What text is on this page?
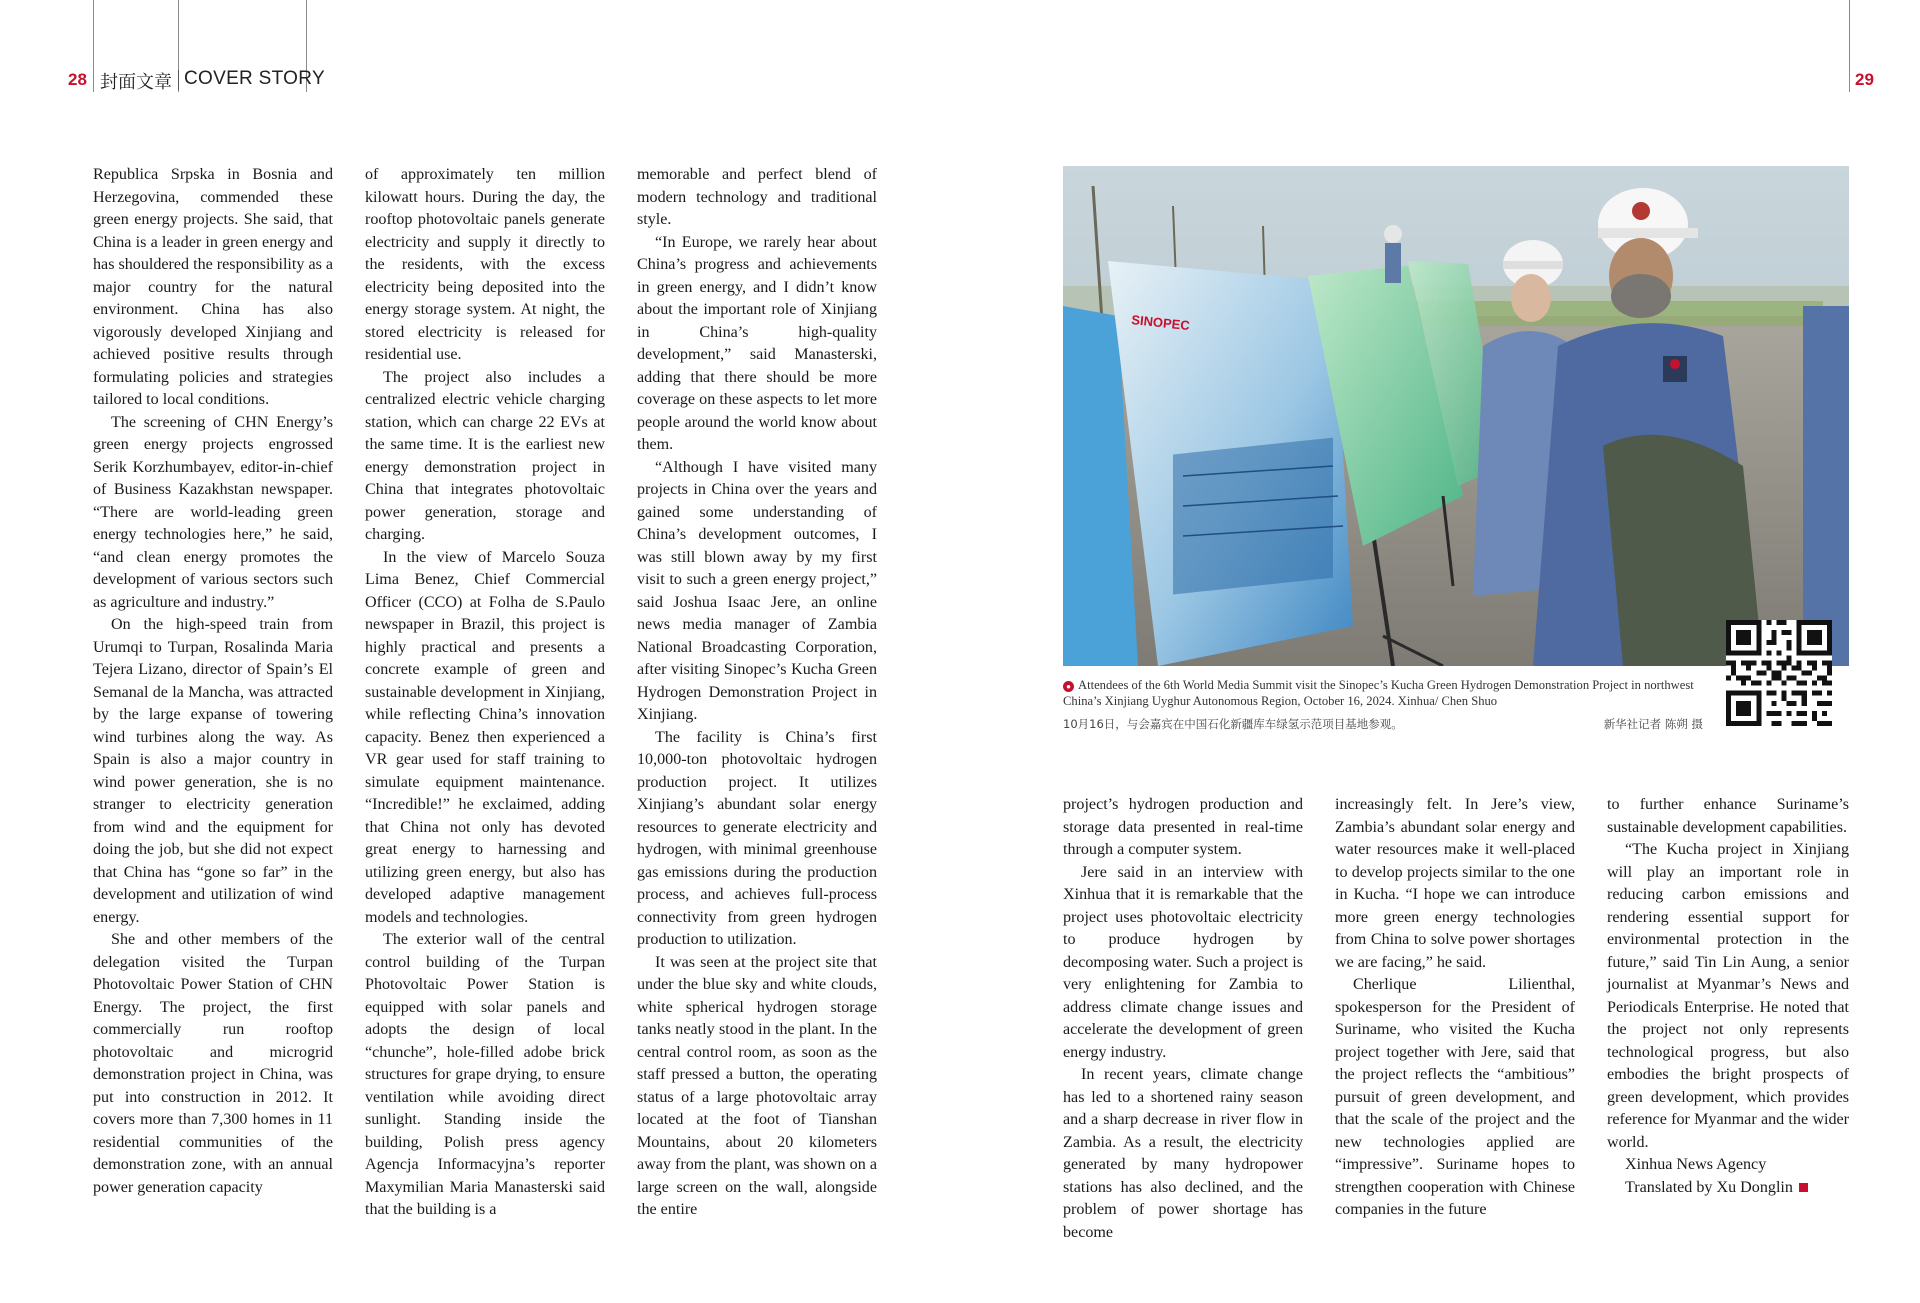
28 封面文章 COVER STORY	29

Republica Srpska in Bosnia and Herzegovina, commended these green energy projects. She said, that China is a leader in green energy and has shouldered the responsibility as a major country for the natural environment. China has also vigorously developed Xinjiang and achieved positive results through formulating policies and strategies tailored to local conditions.

The screening of CHN Energy’s green energy projects engrossed Serik Korzhumbayev, editor-in-chief of Business Kazakhstan newspaper. “There are world-leading green energy technologies here,” he said, “and clean energy promotes the development of various sectors such as agriculture and industry.”

On the high-speed train from Urumqi to Turpan, Rosalinda Maria Tejera Lizano, director of Spain’s El Semanal de la Mancha, was attracted by the large expanse of towering wind turbines along the way. As Spain is also a major country in wind power generation, she is no stranger to electricity generation from wind and the equipment for doing the job, but she did not expect that China has “gone so far” in the development and utilization of wind energy.

She and other members of the delegation visited the Turpan Photovoltaic Power Station of CHN Energy. The project, the first commercially run rooftop photovoltaic and microgrid demonstration project in China, was put into construction in 2012. It covers more than 7,300 homes in 11 residential communities of the demonstration zone, with an annual power generation capacity

of approximately ten million kilowatt hours. During the day, the rooftop photovoltaic panels generate electricity and supply it directly to the residents, with the excess electricity being deposited into the energy storage system. At night, the stored electricity is released for residential use.

The project also includes a centralized electric vehicle charging station, which can charge 22 EVs at the same time. It is the earliest new energy demonstration project in China that integrates photovoltaic power generation, storage and charging.

In the view of Marcelo Souza Lima Benez, Chief Commercial Officer (CCO) at Folha de S.Paulo newspaper in Brazil, this project is highly practical and presents a concrete example of green and sustainable development in Xinjiang, while reflecting China’s innovation capacity. Benez then experienced a VR gear used for staff training to simulate equipment maintenance. “Incredible!” he exclaimed, adding that China not only has devoted great energy to harnessing and utilizing green energy, but also has developed adaptive management models and technologies.

The exterior wall of the central control building of the Turpan Photovoltaic Power Station is equipped with solar panels and adopts the design of local “chunche”, hole-filled adobe brick structures for grape drying, to ensure ventilation while avoiding direct sunlight. Standing inside the building, Polish press agency Agencja Informacyjna’s reporter Maxymilian Maria Manasterski said that the building is a

memorable and perfect blend of modern technology and traditional style.

“In Europe, we rarely hear about China’s progress and achievements in green energy, and I didn’t know about the important role of Xinjiang in China’s high-quality development,” said Manasterski, adding that there should be more coverage on these aspects to let more people around the world know about them.

“Although I have visited many projects in China over the years and gained some understanding of China’s development outcomes, I was still blown away by my first visit to such a green energy project,” said Joshua Isaac Jere, an online news media manager of Zambia National Broadcasting Corporation, after visiting Sinopec’s Kucha Green Hydrogen Demonstration Project in Xinjiang.

The facility is China’s first 10,000-ton photovoltaic hydrogen production project. It utilizes Xinjiang’s abundant solar energy resources to generate electricity and hydrogen, with minimal greenhouse gas emissions during the production process, and achieves full-process connectivity from green hydrogen production to utilization.

It was seen at the project site that under the blue sky and white clouds, white spherical hydrogen storage tanks neatly stood in the plant. In the central control room, as soon as the staff pressed a button, the operating status of a large photovoltaic array located at the foot of Tianshan Mountains, about 20 kilometers away from the plant, was shown on a large screen on the wall, alongside the entire

SINOPEC
● Attendees of the 6th World Media Summit visit the Sinopec’s Kucha Green Hydrogen Demonstration Project in northwest China’s Xinjiang Uyghur Autonomous Region, October 16, 2024. Xinhua/ Chen Shuo
10月16日，与会嘉宾在中国石化新疆库车绿氢示范项目基地参观。	新华社记者 陈朔 摄

project’s hydrogen production and storage data presented in real-time through a computer system.

Jere said in an interview with Xinhua that it is remarkable that the project uses photovoltaic electricity to produce hydrogen by decomposing water. Such a project is very enlightening for Zambia to address climate change issues and accelerate the development of green energy industry.

In recent years, climate change has led to a shortened rainy season and a sharp decrease in river flow in Zambia. As a result, the electricity generated by many hydropower stations has also declined, and the problem of power shortage has become

increasingly felt. In Jere’s view, Zambia’s abundant solar energy and water resources make it well-placed to develop projects similar to the one in Kucha. “I hope we can introduce more green energy technologies from China to solve power shortages we are facing,” he said.

Cherlique Lilienthal, spokesperson for the President of Suriname, who visited the Kucha project together with Jere, said that the project reflects the “ambitious” pursuit of green development, and that the scale of the project and the new technologies applied are “impressive”. Suriname hopes to strengthen cooperation with Chinese companies in the future

to further enhance Suriname’s sustainable development capabilities.

“The Kucha project in Xinjiang will play an important role in reducing carbon emissions and rendering essential support for environmental protection in the future,” said Tin Lin Aung, a senior journalist at Myanmar’s News and Periodicals Enterprise. He noted that the project not only represents technological progress, but also embodies the bright prospects of green development, which provides reference for Myanmar and the wider world.

Xinhua News Agency

Translated by Xu Donglin
